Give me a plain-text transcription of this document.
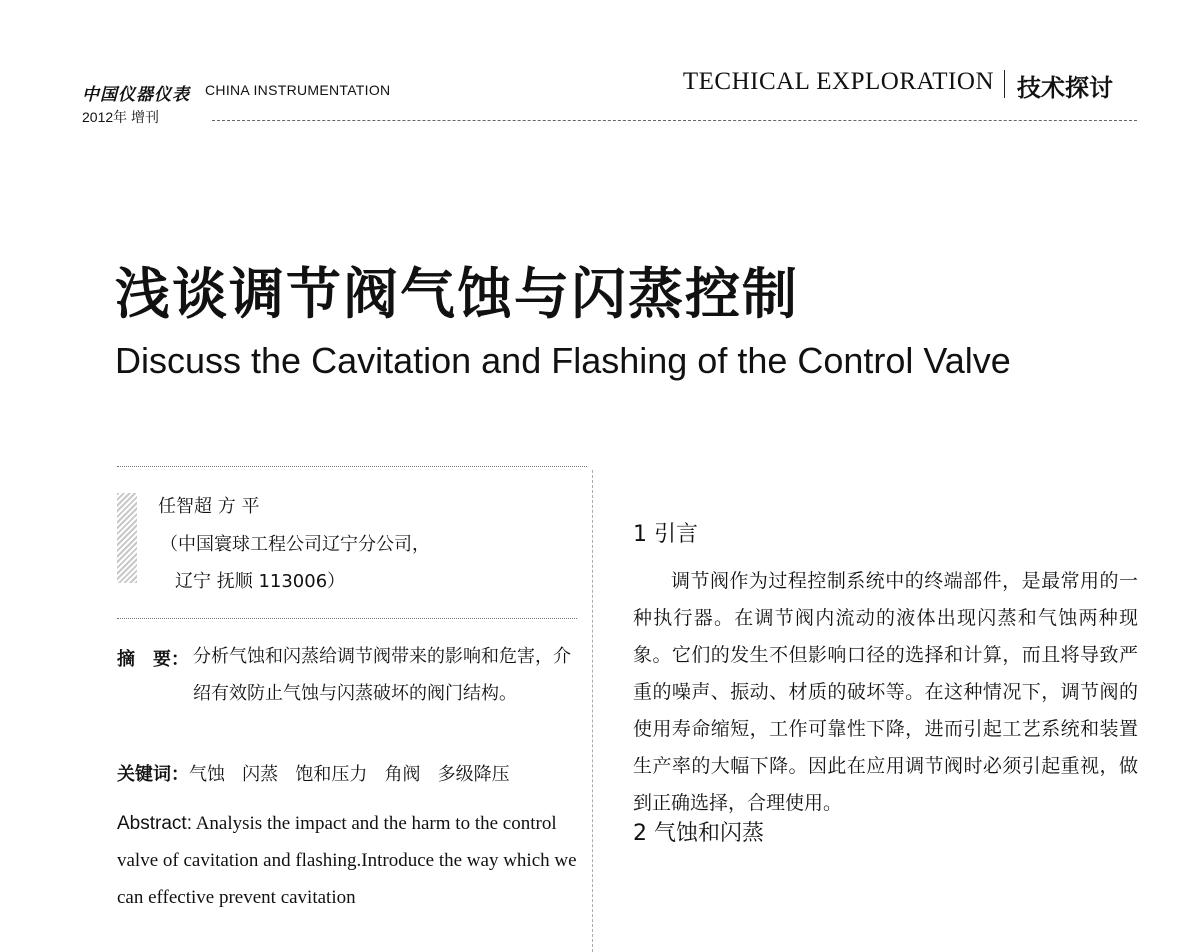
中国仪器仪表 CHINA INSTRUMENTATION
2012年 增刊
TECHICAL EXPLORATION 技术探讨
浅谈调节阀气蚀与闪蒸控制
Discuss the Cavitation and Flashing of the Control Valve
任智超 方 平
（中国寰球工程公司辽宁分公司，
辽宁 抚顺 113006）
摘　要： 分析气蚀和闪蒸给调节阀带来的影响和危害，介绍有效防止气蚀与闪蒸破坏的阀门结构。
关键词：气蚀   闪蒸   饱和压力   角阀   多级降压
Abstract: Analysis the impact and the harm to the control valve of cavitation and flashing.Introduce the way which we can effective prevent cavitation
1 引言

调节阀作为过程控制系统中的终端部件，是最常用的一种执行器。在调节阀内流动的液体出现闪蒸和气蚀两种现象。它们的发生不但影响口径的选择和计算，而且将导致严重的噪声、振动、材质的破坏等。在这种情况下，调节阀的使用寿命缩短，工作可靠性下降，进而引起工艺系统和装置生产率的大幅下降。因此在应用调节阀时必须引起重视，做到正确选择，合理使用。

2 气蚀和闪蒸
